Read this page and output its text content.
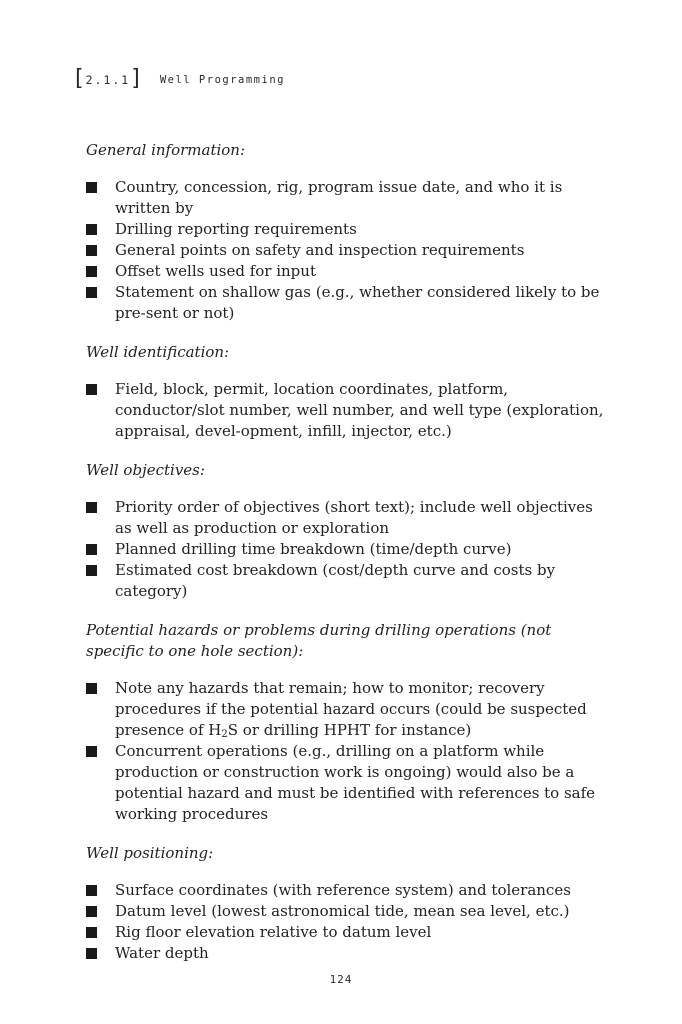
[ 2.1.1 ] Well Programming

General information:

Country, concession, rig, program issue date, and who it is written by
Drilling reporting requirements
General points on safety and inspection requirements
Offset wells used for input
Statement on shallow gas (e.g., whether considered likely to be pre-sent or not)

Well identification:

Field, block, permit, location coordinates, platform, conductor/slot number, well number, and well type (exploration, appraisal, devel-opment, infill, injector, etc.)

Well objectives:

Priority order of objectives (short text); include well objectives as well as production or exploration
Planned drilling time breakdown (time/depth curve)
Estimated cost breakdown (cost/depth curve and costs by category)

Potential hazards or problems during drilling operations (not specific to one hole section):

Note any hazards that remain; how to monitor; recovery procedures if the potential hazard occurs (could be suspected presence of $H_2S$ or drilling HPHT for instance)
Concurrent operations (e.g., drilling on a platform while production or construction work is ongoing) would also be a potential hazard and must be identified with references to safe working procedures

Well positioning:

Surface coordinates (with reference system) and tolerances
Datum level (lowest astronomical tide, mean sea level, etc.)
Rig floor elevation relative to datum level
Water depth
124
